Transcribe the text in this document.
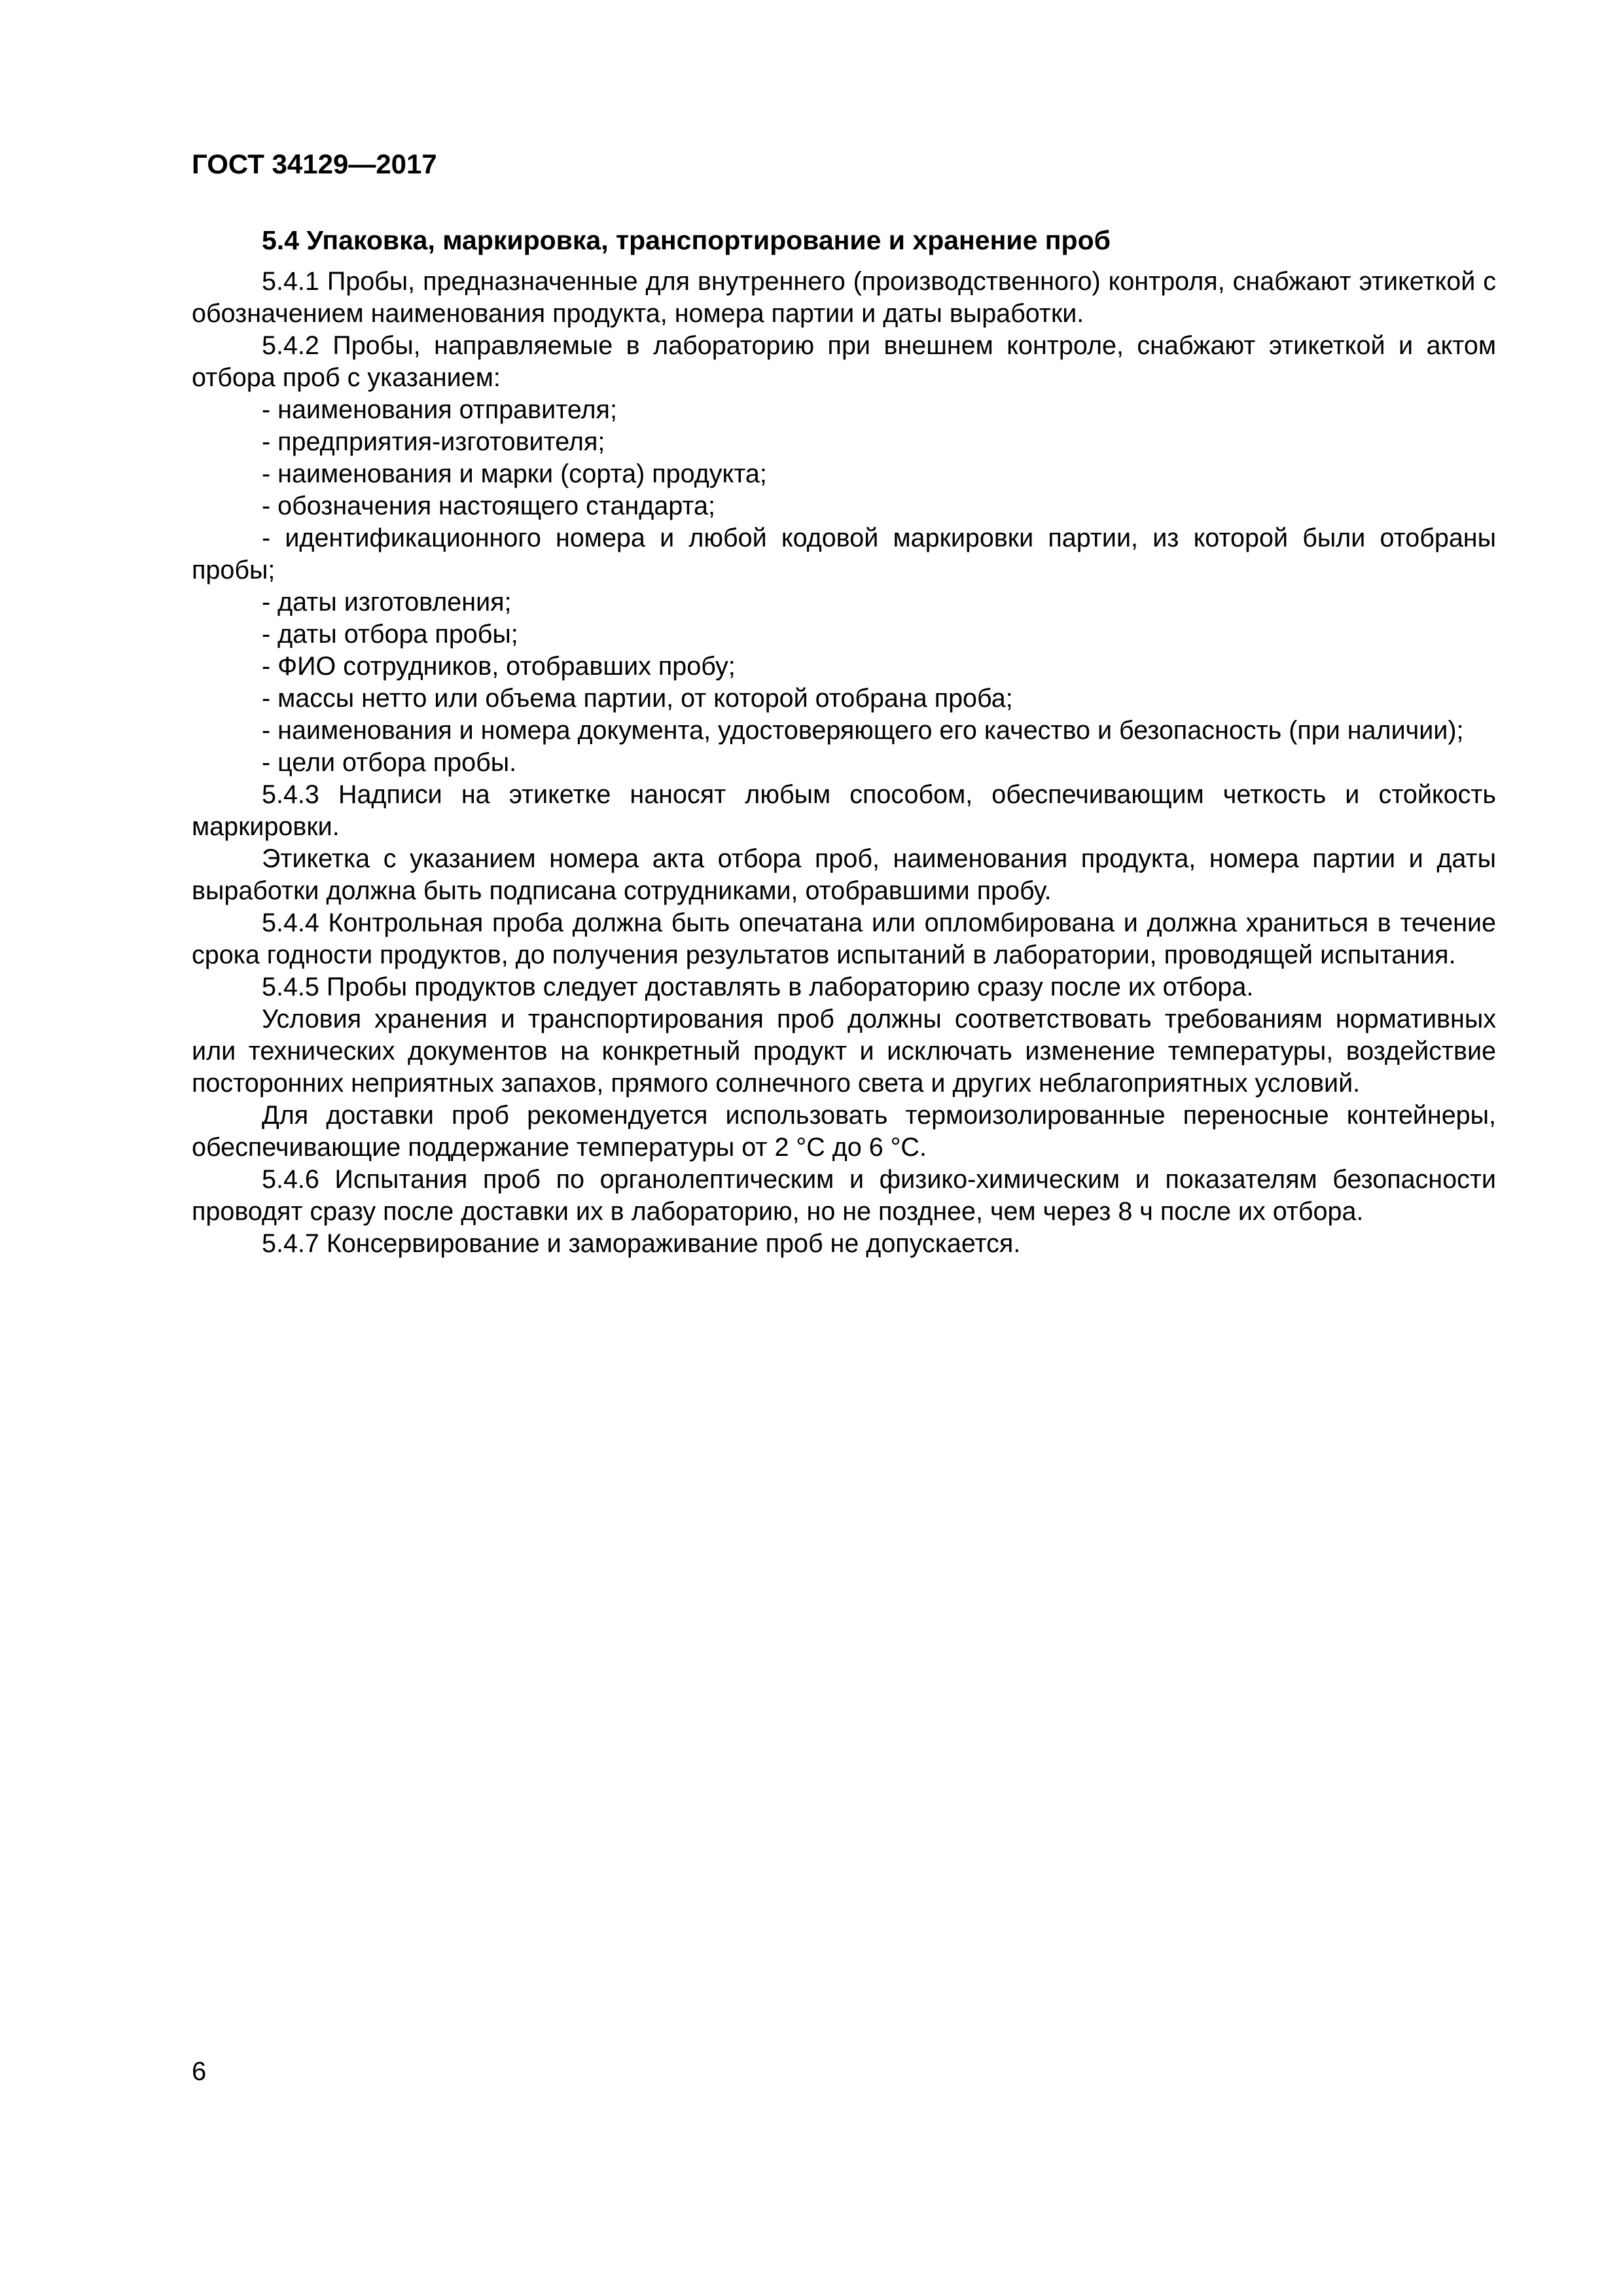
ГОСТ 34129—2017

5.4 Упаковка, маркировка, транспортирование и хранение проб

5.4.1 Пробы, предназначенные для внутреннего (производственного) контроля, снабжают этикеткой с обозначением наименования продукта, номера партии и даты выработки.

5.4.2 Пробы, направляемые в лабораторию при внешнем контроле, снабжают этикеткой и актом отбора проб с указанием:

- наименования отправителя;

- предприятия-изготовителя;

- наименования и марки (сорта) продукта;

- обозначения настоящего стандарта;

- идентификационного номера и любой кодовой маркировки партии, из которой были отобраны пробы;

- даты изготовления;

- даты отбора пробы;

- ФИО сотрудников, отобравших пробу;

- массы нетто или объема партии, от которой отобрана проба;

- наименования и номера документа, удостоверяющего его качество и безопасность (при наличии);

- цели отбора пробы.

5.4.3 Надписи на этикетке наносят любым способом, обеспечивающим четкость и стойкость маркировки.

Этикетка с указанием номера акта отбора проб, наименования продукта, номера партии и даты выработки должна быть подписана сотрудниками, отобравшими пробу.

5.4.4 Контрольная проба должна быть опечатана или опломбирована и должна храниться в течение срока годности продуктов, до получения результатов испытаний в лаборатории, проводящей испытания.

5.4.5 Пробы продуктов следует доставлять в лабораторию сразу после их отбора.

Условия хранения и транспортирования проб должны соответствовать требованиям нормативных или технических документов на конкретный продукт и исключать изменение температуры, воздействие посторонних неприятных запахов, прямого солнечного света и других неблагоприятных условий.

Для доставки проб рекомендуется использовать термоизолированные переносные контейнеры, обеспечивающие поддержание температуры от 2 °С до 6 °С.

5.4.6 Испытания проб по органолептическим и физико-химическим и показателям безопасности проводят сразу после доставки их в лабораторию, но не позднее, чем через 8 ч после их отбора.

5.4.7 Консервирование и замораживание проб не допускается.

6
